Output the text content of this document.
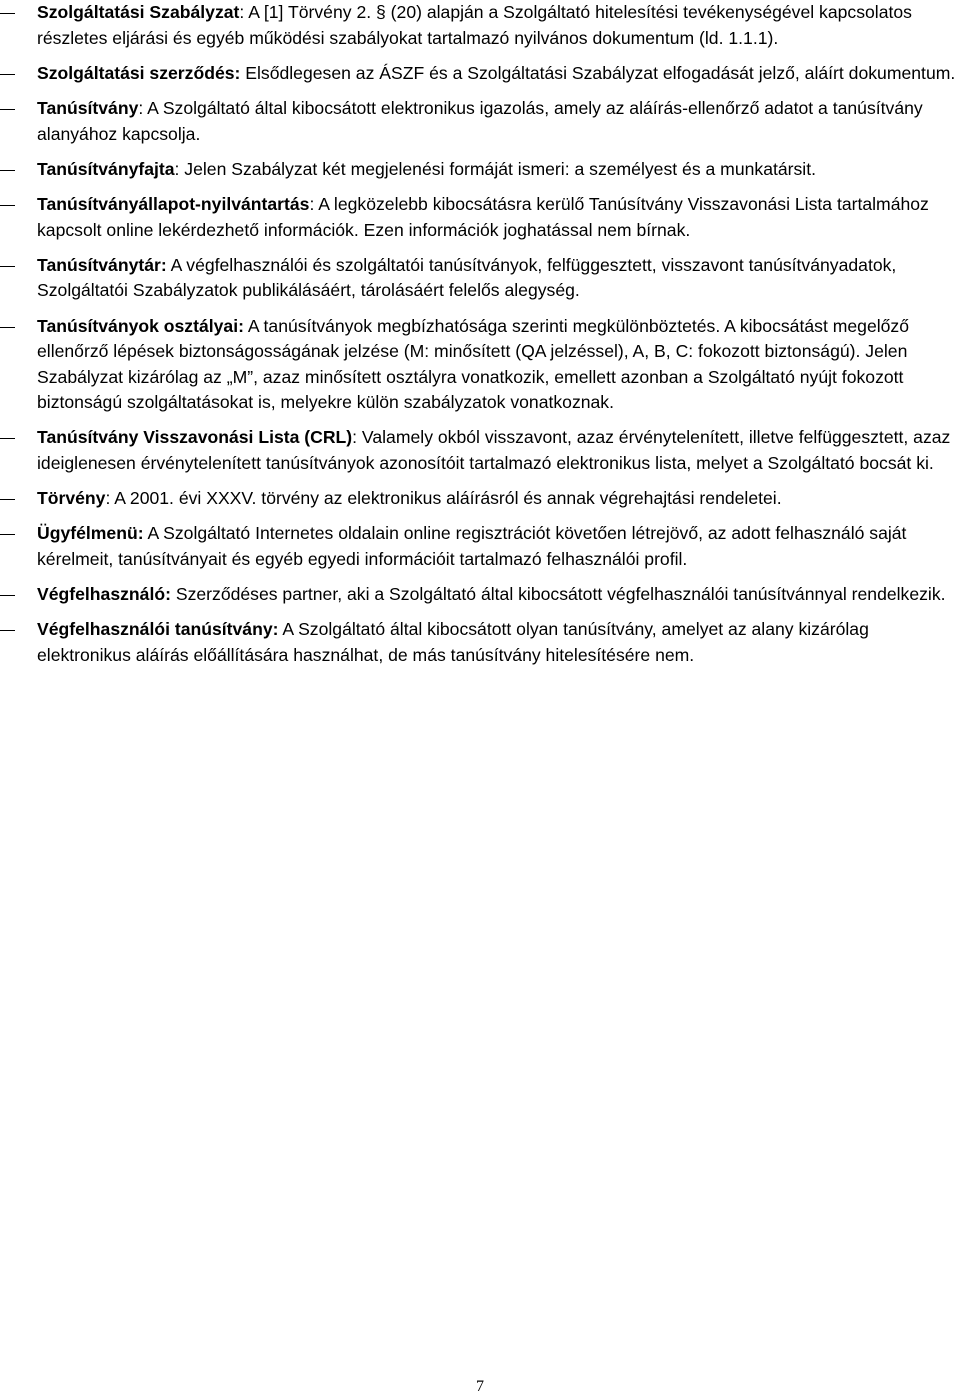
Szolgáltatási Szabályzat: A [1] Törvény 2. § (20) alapján a Szolgáltató hitelesítési tevékenységével kapcsolatos részletes eljárási és egyéb működési szabályokat tartalmazó nyilvános dokumentum (ld. 1.1.1).
Szolgáltatási szerződés: Elsődlegesen az ÁSZF és a Szolgáltatási Szabályzat elfogadását jelző, aláírt dokumentum.
Tanúsítvány: A Szolgáltató által kibocsátott elektronikus igazolás, amely az aláírás-ellenőrző adatot a tanúsítvány alanyához kapcsolja.
Tanúsítványfajta: Jelen Szabályzat két megjelenési formáját ismeri: a személyest és a munkatársit.
Tanúsítványállapot-nyilvántartás: A legközelebb kibocsátásra kerülő Tanúsítvány Visszavonási Lista tartalmához kapcsolt online lekérdezhető információk. Ezen információk joghatással nem bírnak.
Tanúsítványtár: A végfelhasználói és szolgáltatói tanúsítványok, felfüggesztett, visszavont tanúsítványadatok, Szolgáltatói Szabályzatok publikálásáért, tárolásáért felelős alegység.
Tanúsítványok osztályai: A tanúsítványok megbízhatósága szerinti megkülönböztetés. A kibocsátást megelőző ellenőrző lépések biztonságosságának jelzése (M: minősített (QA jelzéssel), A, B, C: fokozott biztonságú). Jelen Szabályzat kizárólag az „M”, azaz minősített osztályra vonatkozik, emellett azonban a Szolgáltató nyújt fokozott biztonságú szolgáltatásokat is, melyekre külön szabályzatok vonatkoznak.
Tanúsítvány Visszavonási Lista (CRL): Valamely okból visszavont, azaz érvénytelenített, illetve felfüggesztett, azaz ideiglenesen érvénytelenített tanúsítványok azonosítóit tartalmazó elektronikus lista, melyet a Szolgáltató bocsát ki.
Törvény: A 2001. évi XXXV. törvény az elektronikus aláírásról és annak végrehajtási rendeletei.
Ügyfélmenü: A Szolgáltató Internetes oldalain online regisztrációt követően létrejövő, az adott felhasználó saját kérelmeit, tanúsítványait és egyéb egyedi információit tartalmazó felhasználói profil.
Végfelhasználó: Szerződéses partner, aki a Szolgáltató által kibocsátott végfelhasználói tanúsítvánnyal rendelkezik.
Végfelhasználói tanúsítvány: A Szolgáltató által kibocsátott olyan tanúsítvány, amelyet az alany kizárólag elektronikus aláírás előállítására használhat, de más tanúsítvány hitelesítésére nem.
7
